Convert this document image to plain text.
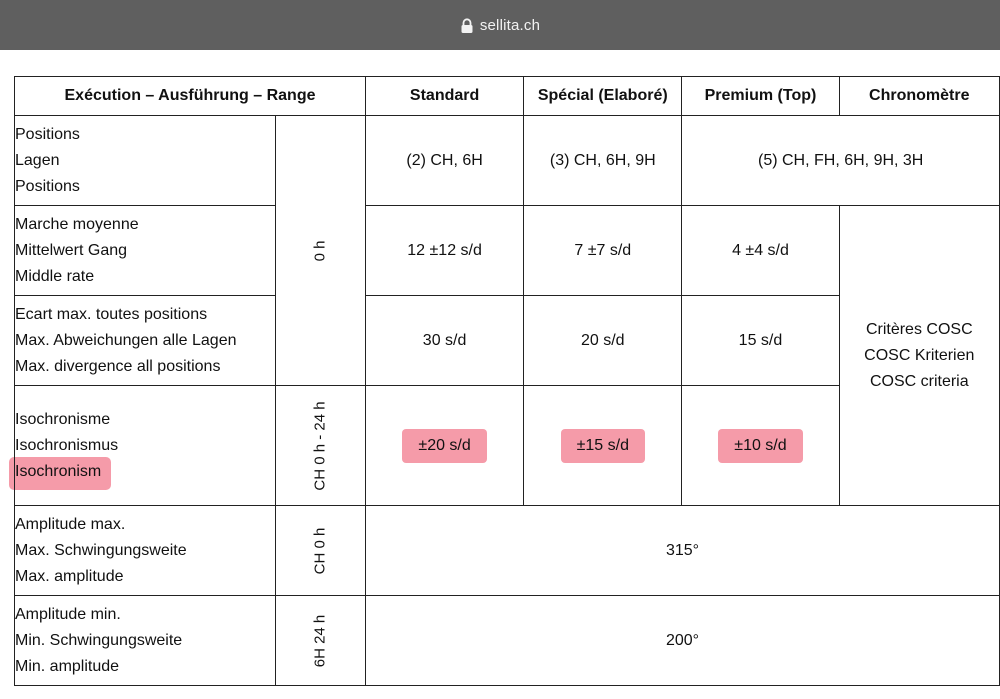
sellita.ch
Exécution – Ausführung – Range		Standard	Spécial (Elaboré)	Premium (Top)	Chronomètre

Positions
Lagen
Positions	0 h	(2) CH, 6H	(3) CH, 6H, 9H	(5) CH, FH, 6H, 9H, 3H	

Marche moyenne
Mittelwert Gang
Middle rate		12 ±12 s/d	7 ±7 s/d	4 ±4 s/d	Critères COSC
COSC Kriterien
COSC criteria

Ecart max. toutes positions
Max. Abweichungen alle Lagen
Max. divergence all positions		30 s/d	20 s/d	15 s/d	

Isochronisme
Isochronismus
Isochronism	CH 0 h - 24 h	±20 s/d	±15 s/d	±10 s/d	

Amplitude max.
Max. Schwingungsweite
Max. amplitude	CH 0 h	315°			

Amplitude min.
Min. Schwingungsweite
Min. amplitude	6H 24 h	200°			
